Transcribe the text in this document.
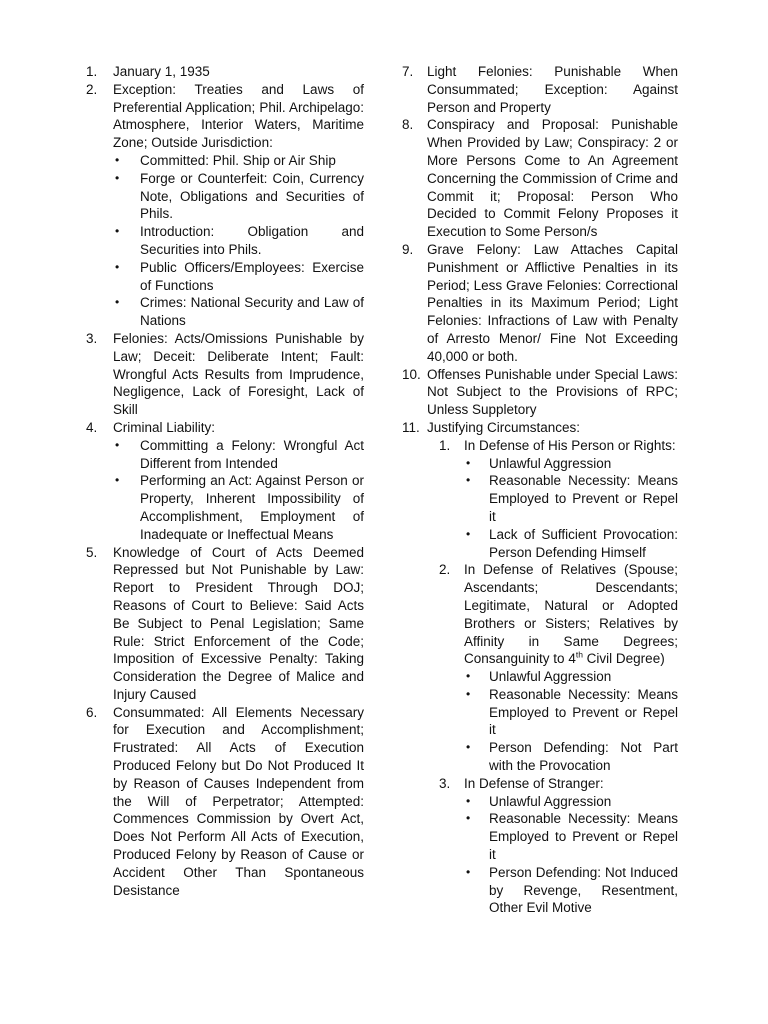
1. January 1, 1935
2. Exception: Treaties and Laws of Preferential Application; Phil. Archipelago: Atmosphere, Interior Waters, Maritime Zone; Outside Jurisdiction:
• Committed: Phil. Ship or Air Ship
• Forge or Counterfeit: Coin, Currency Note, Obligations and Securities of Phils.
• Introduction: Obligation and Securities into Phils.
• Public Officers/Employees: Exercise of Functions
• Crimes: National Security and Law of Nations
3. Felonies: Acts/Omissions Punishable by Law; Deceit: Deliberate Intent; Fault: Wrongful Acts Results from Imprudence, Negligence, Lack of Foresight, Lack of Skill
4. Criminal Liability:
• Committing a Felony: Wrongful Act Different from Intended
• Performing an Act: Against Person or Property, Inherent Impossibility of Accomplishment, Employment of Inadequate or Ineffectual Means
5. Knowledge of Court of Acts Deemed Repressed but Not Punishable by Law: Report to President Through DOJ; Reasons of Court to Believe: Said Acts Be Subject to Penal Legislation; Same Rule: Strict Enforcement of the Code; Imposition of Excessive Penalty: Taking Consideration the Degree of Malice and Injury Caused
6. Consummated: All Elements Necessary for Execution and Accomplishment; Frustrated: All Acts of Execution Produced Felony but Do Not Produced It by Reason of Causes Independent from the Will of Perpetrator; Attempted: Commences Commission by Overt Act, Does Not Perform All Acts of Execution, Produced Felony by Reason of Cause or Accident Other Than Spontaneous Desistance
7. Light Felonies: Punishable When Consummated; Exception: Against Person and Property
8. Conspiracy and Proposal: Punishable When Provided by Law; Conspiracy: 2 or More Persons Come to An Agreement Concerning the Commission of Crime and Commit it; Proposal: Person Who Decided to Commit Felony Proposes it Execution to Some Person/s
9. Grave Felony: Law Attaches Capital Punishment or Afflictive Penalties in its Period; Less Grave Felonies: Correctional Penalties in its Maximum Period; Light Felonies: Infractions of Law with Penalty of Arresto Menor/ Fine Not Exceeding 40,000 or both.
10. Offenses Punishable under Special Laws: Not Subject to the Provisions of RPC; Unless Suppletory
11. Justifying Circumstances:
1. In Defense of His Person or Rights:
• Unlawful Aggression
• Reasonable Necessity: Means Employed to Prevent or Repel it
• Lack of Sufficient Provocation: Person Defending Himself
2. In Defense of Relatives (Spouse; Ascendants; Descendants; Legitimate, Natural or Adopted Brothers or Sisters; Relatives by Affinity in Same Degrees; Consanguinity to 4th Civil Degree)
• Unlawful Aggression
• Reasonable Necessity: Means Employed to Prevent or Repel it
• Person Defending: Not Part with the Provocation
3. In Defense of Stranger:
• Unlawful Aggression
• Reasonable Necessity: Means Employed to Prevent or Repel it
• Person Defending: Not Induced by Revenge, Resentment, Other Evil Motive
